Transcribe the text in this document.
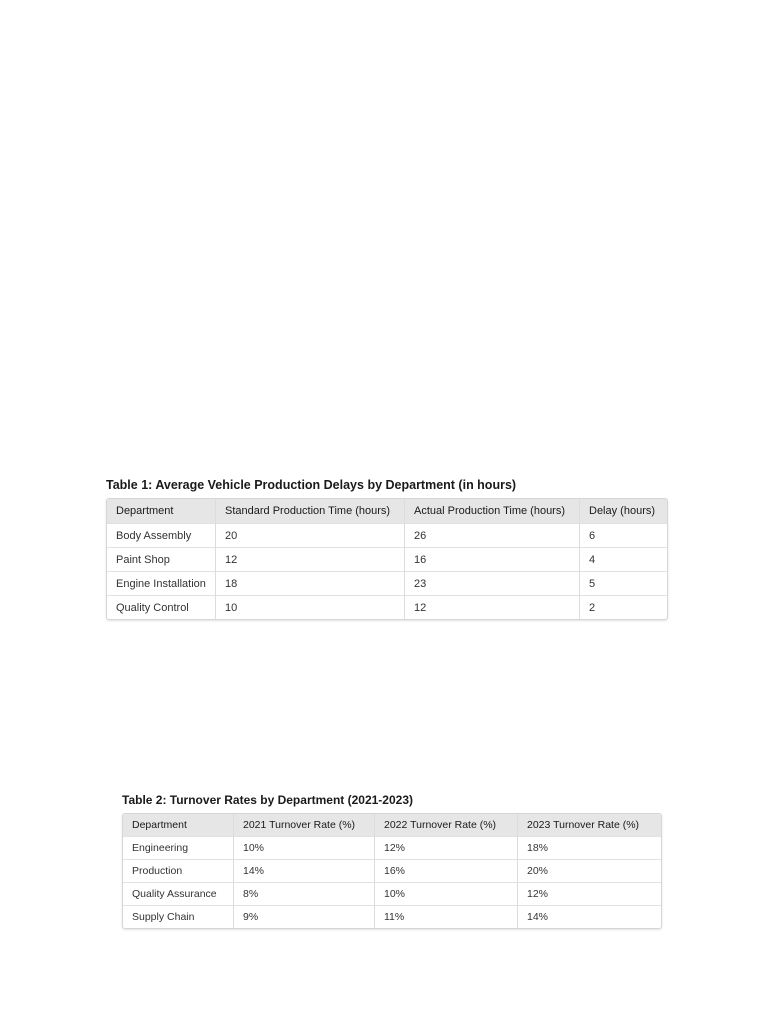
Table 1: Average Vehicle Production Delays by Department (in hours)
Department	Standard Production Time (hours)	Actual Production Time (hours)	Delay (hours)
Body Assembly	20	26	6
Paint Shop	12	16	4
Engine Installation	18	23	5
Quality Control	10	12	2
Table 2: Turnover Rates by Department (2021-2023)
Department	2021 Turnover Rate (%)	2022 Turnover Rate (%)	2023 Turnover Rate (%)
Engineering	10%	12%	18%
Production	14%	16%	20%
Quality Assurance	8%	10%	12%
Supply Chain	9%	11%	14%
